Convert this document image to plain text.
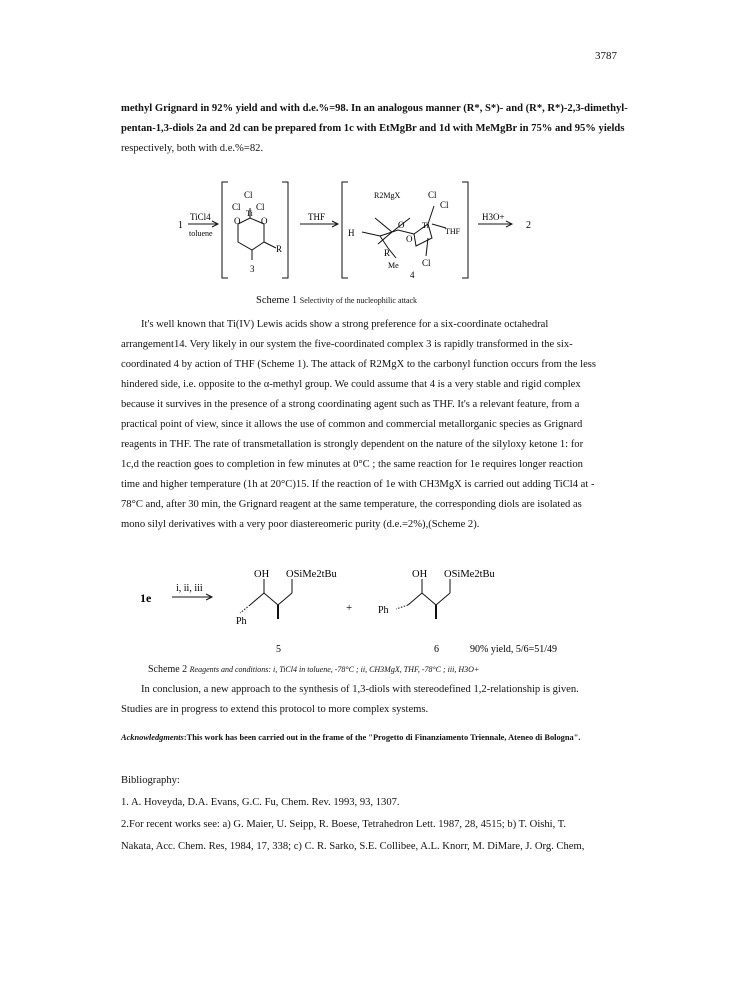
3787
methyl Grignard in 92% yield and with d.e.%=98. In an analogous manner (R*, S*)- and (R*, R*)-2,3-dimethyl-
pentan-1,3-diols 2a and 2d can be prepared from 1c with EtMgBr and 1d with MeMgBr in 75% and 95% yields
respectively, both with d.e.%=82.
1
TiCl4
toluene
Cl
Cl Cl
Ti
O O
R
3
THF
R2MgX	Cl
Cl
H
O
O
Ti
THF
R
Cl
Me
4
H3O+
2
Scheme 1 Selectivity of the nucleophilic attack
It's well known that Ti(IV) Lewis acids show a strong preference for a six-coordinate octahedral
arrangement14. Very likely in our system the five-coordinated complex 3 is rapidly transformed in the six-
coordinated 4 by action of THF (Scheme 1). The attack of R2MgX to the carbonyl function occurs from the less
hindered side, i.e. opposite to the α-methyl group. We could assume that 4 is a very stable and rigid complex
because it survives in the presence of a strong coordinating agent such as THF. It's a relevant feature, from a
practical point of view, since it allows the use of common and commercial metallorganic species as Grignard
reagents in THF. The rate of transmetallation is strongly dependent on the nature of the silyloxy ketone 1: for
1c,d the reaction goes to completion in few minutes at 0°C ; the same reaction for 1e requires longer reaction
time and higher temperature (1h at 20°C)15. If the reaction of 1e with CH3MgX is carried out adding TiCl4 at -
78°C and, after 30 min, the Grignard reagent at the same temperature, the corresponding diols are isolated as
mono silyl derivatives with a very poor diastereomeric purity (d.e.=2%),(Scheme 2).
1e
i, ii, iii
OH OSiMe2tBu
Ph
+
OH OSiMe2tBu
Ph
5	6	90% yield, 5/6=51/49
Scheme 2 Reagents and conditions: i, TiCl4 in toluene, -78°C ; ii, CH3MgX, THF, -78°C ; iii, H3O+
In conclusion, a new approach to the synthesis of 1,3-diols with stereodefined 1,2-relationship is given.
Studies are in progress to extend this protocol to more complex systems.
Acknowledgments:This work has been carried out in the frame of the "Progetto di Finanziamento Triennale, Ateneo di Bologna".
Bibliography:
1. A. Hoveyda, D.A. Evans, G.C. Fu, Chem. Rev. 1993, 93, 1307.
2.For recent works see: a) G. Maier, U. Seipp, R. Boese, Tetrahedron Lett. 1987, 28, 4515; b) T. Oishi, T.
Nakata, Acc. Chem. Res, 1984, 17, 338; c) C. R. Sarko, S.E. Collibee, A.L. Knorr, M. DiMare, J. Org. Chem,
